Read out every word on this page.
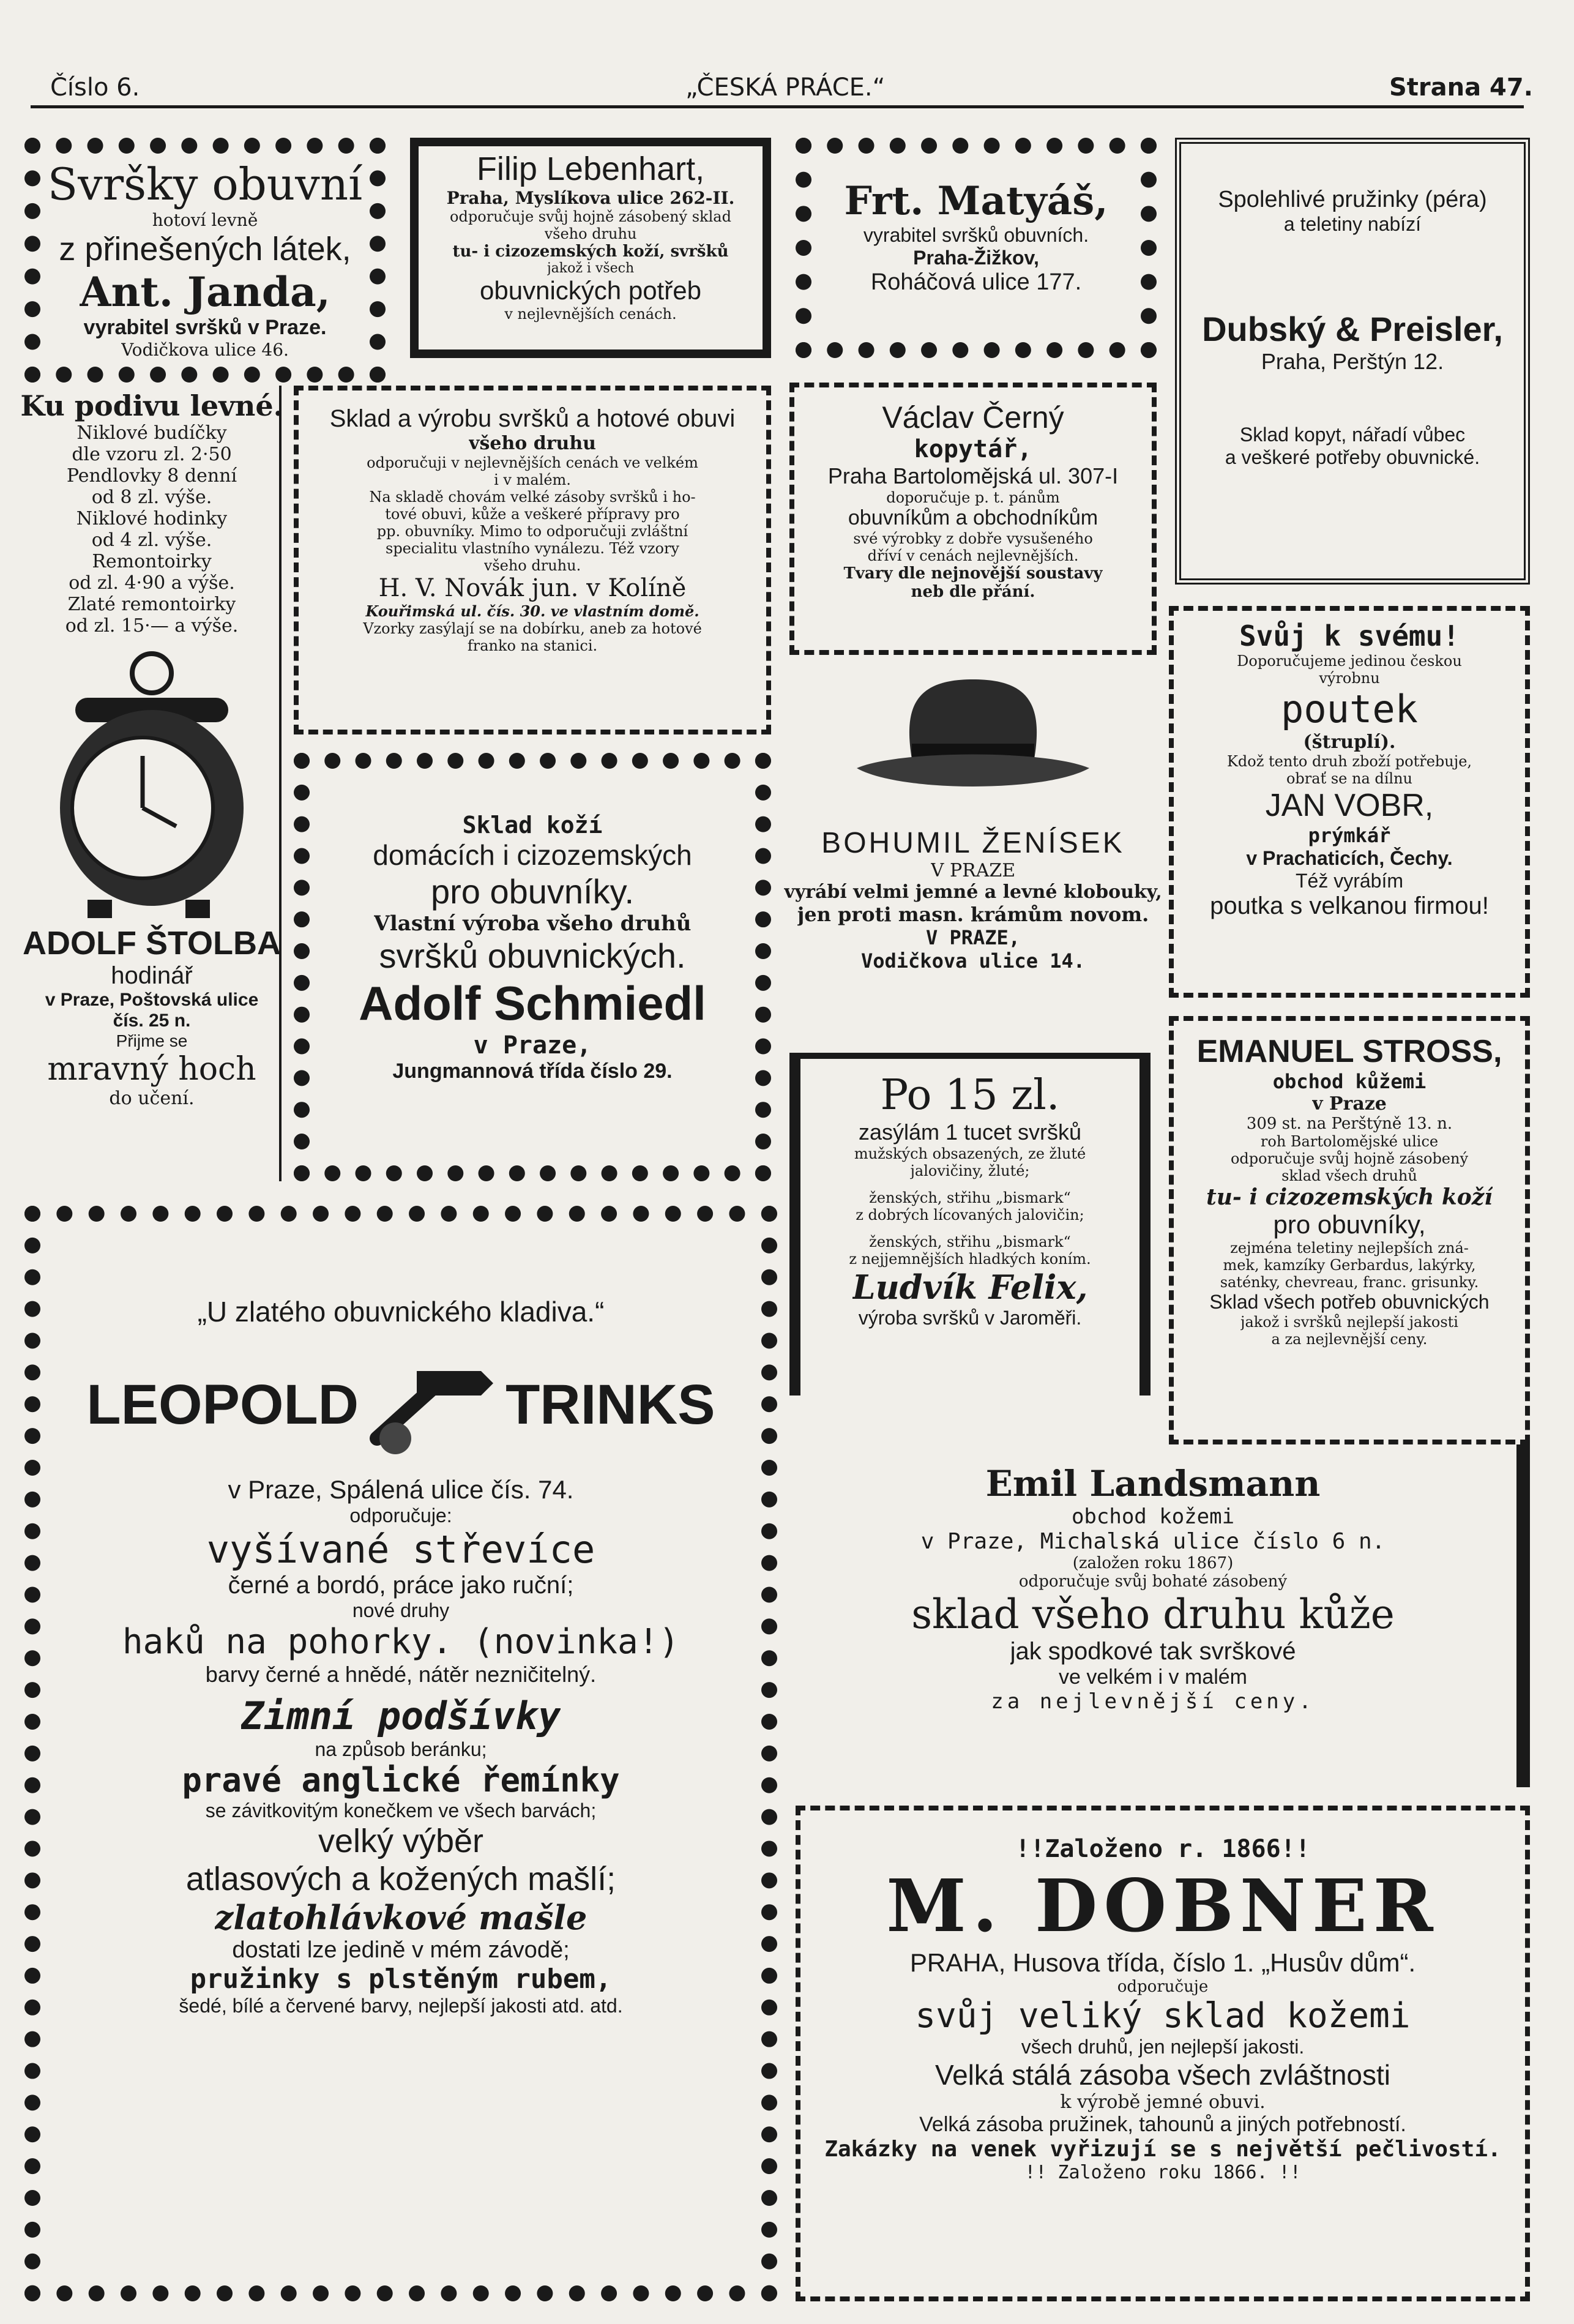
Číslo 6.	„ČESKÁ PRÁCE.“	Strana 47.
Svršky obuvní
hotoví levně
z přinešených látek,
Ant. Janda,
vyrabitel svršků v Praze.
Vodičkova ulice 46.
Filip Lebenhart,
Praha, Myslíkova ulice 262-II.
odporučuje svůj hojně zásobený sklad
všeho druhu
tu- i cizozemských koží, svršků
jakož i všech
obuvnických potřeb
v nejlevnějších cenách.
Frt. Matyáš,
vyrabitel svršků obuvních.
Praha-Žižkov,
Roháčová ulice 177.
Spolehlivé pružinky (péra)
a teletiny nabízí
Dubský & Preisler,
Praha, Perštýn 12.
Sklad kopyt, nářadí vůbec
a veškeré potřeby obuvnické.
Ku podivu levné.
Niklové budíčky
dle vzoru zl. 2·50
Pendlovky 8 denní
od 8 zl. výše.
Niklové hodinky
od 4 zl. výše.
Remontoirky
od zl. 4·90 a výše.
Zlaté remontoirky
od zl. 15·— a výše.
ADOLF ŠTOLBA
hodinář
v Praze, Poštovská ulice
čís. 25 n.
Přijme se
mravný hoch
do učení.
Sklad a výrobu svršků a hotové obuvi
všeho druhu
odporučuji v nejlevnějších cenách ve velkém
i v malém.
Na skladě chovám velké zásoby svršků i ho-
tové obuvi, kůže a veškeré přípravy pro
pp. obuvníky. Mimo to odporučuji zvláštní
specialitu vlastního vynálezu. Též vzory
všeho druhu.
H. V. Novák jun. v Kolíně
Kouřimská ul. čís. 30. ve vlastním domě.
Vzorky zasýlají se na dobírku, aneb za hotové
franko na stanici.
Václav Černý
kopytář,
Praha Bartolomějská ul. 307-I
doporučuje p. t. pánům
obuvníkům a obchodníkům
své výrobky z dobře vysušeného
dříví v cenách nejlevnějších.
Tvary dle nejnovější soustavy
neb dle přání.
Sklad koží
domácích i cizozemských
pro obuvníky.
Vlastní výroba všeho druhů
svršků obuvnických.
Adolf Schmiedl
v Praze,
Jungmannová třída číslo 29.
BOHUMIL ŽENÍSEK
V PRAZE
vyrábí velmi jemné a levné klobouky,
jen proti masn. krámům novom.
V PRAZE,
Vodičkova ulice 14.
Svůj k svému!
Doporučujeme jedinou českou
výrobnu
poutek
(štruplí).
Kdož tento druh zboží potřebuje,
obrať se na dílnu
JAN VOBR,
prýmkář
v Prachaticích, Čechy.
Též vyrábím
poutka s velkanou firmou!
Po 15 zl.
zasýlám 1 tucet svršků
mužských obsazených, ze žluté
jalovičiny, žluté;
ženských, střihu „bismark“
z dobrých lícovaných jalovičin;
ženských, střihu „bismark“
z nejjemnějších hladkých koním.
Ludvík Felix,
výroba svršků v Jaroměři.
EMANUEL STROSS,
obchod kůžemi
v Praze
309 st. na Perštýně 13. n.
roh Bartolomějské ulice
odporučuje svůj hojně zásobený
sklad všech druhů
tu- i cizozemských koží
pro obuvníky,
zejména teletiny nejlepších zná-
mek, kamzíky Gerbardus, lakýrky,
saténky, chevreau, franc. grisunky.
Sklad všech potřeb obuvnických
jakož i svršků nejlepší jakosti
a za nejlevnější ceny.
„U zlatého obuvnického kladiva.“
LEOPOLD	TRINKS
v Praze, Spálená ulice čís. 74.
odporučuje:
vyšívané střevíce
černé a bordó, práce jako ruční;
nové druhy
haků na pohorky. (novinka!)
barvy černé a hnědé, nátěr nezničitelný.
Zimní podšívky
na způsob beránku;
pravé anglické řemínky
se závitkovitým konečkem ve všech barvách;
velký výběr
atlasových a kožených mašlí;
zlatohlávkové mašle
dostati lze jedině v mém závodě;
pružinky s plstěným rubem,
šedé, bílé a červené barvy, nejlepší jakosti atd. atd.
Emil Landsmann
obchod kožemi
v Praze, Michalská ulice číslo 6 n.
(založen roku 1867)
odporučuje svůj bohaté zásobený
sklad všeho druhu kůže
jak spodkové tak svrškové
ve velkém i v malém
za nejlevnější ceny.
!!Založeno r. 1866!!
M. DOBNER
PRAHA, Husova třída, číslo 1. „Husův dům“.
odporučuje
svůj veliký sklad kožemi
všech druhů, jen nejlepší jakosti.
Velká stálá zásoba všech zvláštnosti
k výrobě jemné obuvi.
Velká zásoba pružinek, tahounů a jiných potřebností.
Zakázky na venek vyřizují se s největší pečlivostí.
!! Založeno roku 1866. !!
